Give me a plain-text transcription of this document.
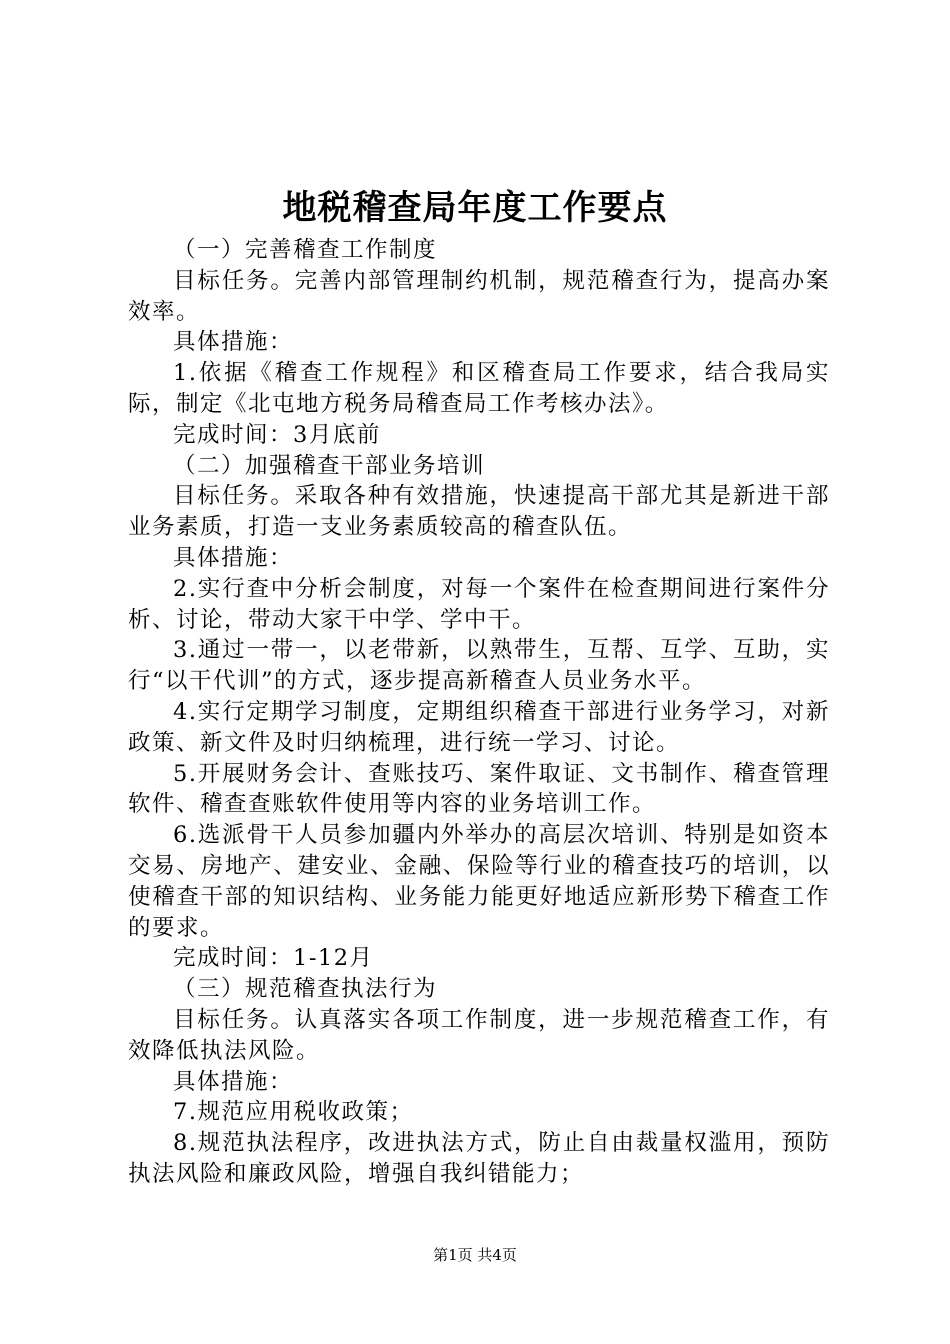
地税稽查局年度工作要点

（一）完善稽查工作制度

目标任务。完善内部管理制约机制，规范稽查行为，提高办案效率。

具体措施：

1.依据《稽查工作规程》和区稽查局工作要求，结合我局实际，制定《北屯地方税务局稽查局工作考核办法》。

完成时间：3月底前

（二）加强稽查干部业务培训

目标任务。采取各种有效措施，快速提高干部尤其是新进干部业务素质，打造一支业务素质较高的稽查队伍。

具体措施：

2.实行查中分析会制度，对每一个案件在检查期间进行案件分析、讨论，带动大家干中学、学中干。

3.通过一带一，以老带新，以熟带生，互帮、互学、互助，实行“以干代训”的方式，逐步提高新稽查人员业务水平。

4.实行定期学习制度，定期组织稽查干部进行业务学习，对新政策、新文件及时归纳梳理，进行统一学习、讨论。

5.开展财务会计、查账技巧、案件取证、文书制作、稽查管理软件、稽查查账软件使用等内容的业务培训工作。

6.选派骨干人员参加疆内外举办的高层次培训、特别是如资本交易、房地产、建安业、金融、保险等行业的稽查技巧的培训，以使稽查干部的知识结构、业务能力能更好地适应新形势下稽查工作的要求。

完成时间：1-12月

（三）规范稽查执法行为

目标任务。认真落实各项工作制度，进一步规范稽查工作，有效降低执法风险。

具体措施：

7.规范应用税收政策；

8.规范执法程序，改进执法方式，防止自由裁量权滥用，预防执法风险和廉政风险，增强自我纠错能力；

第1页 共4页
